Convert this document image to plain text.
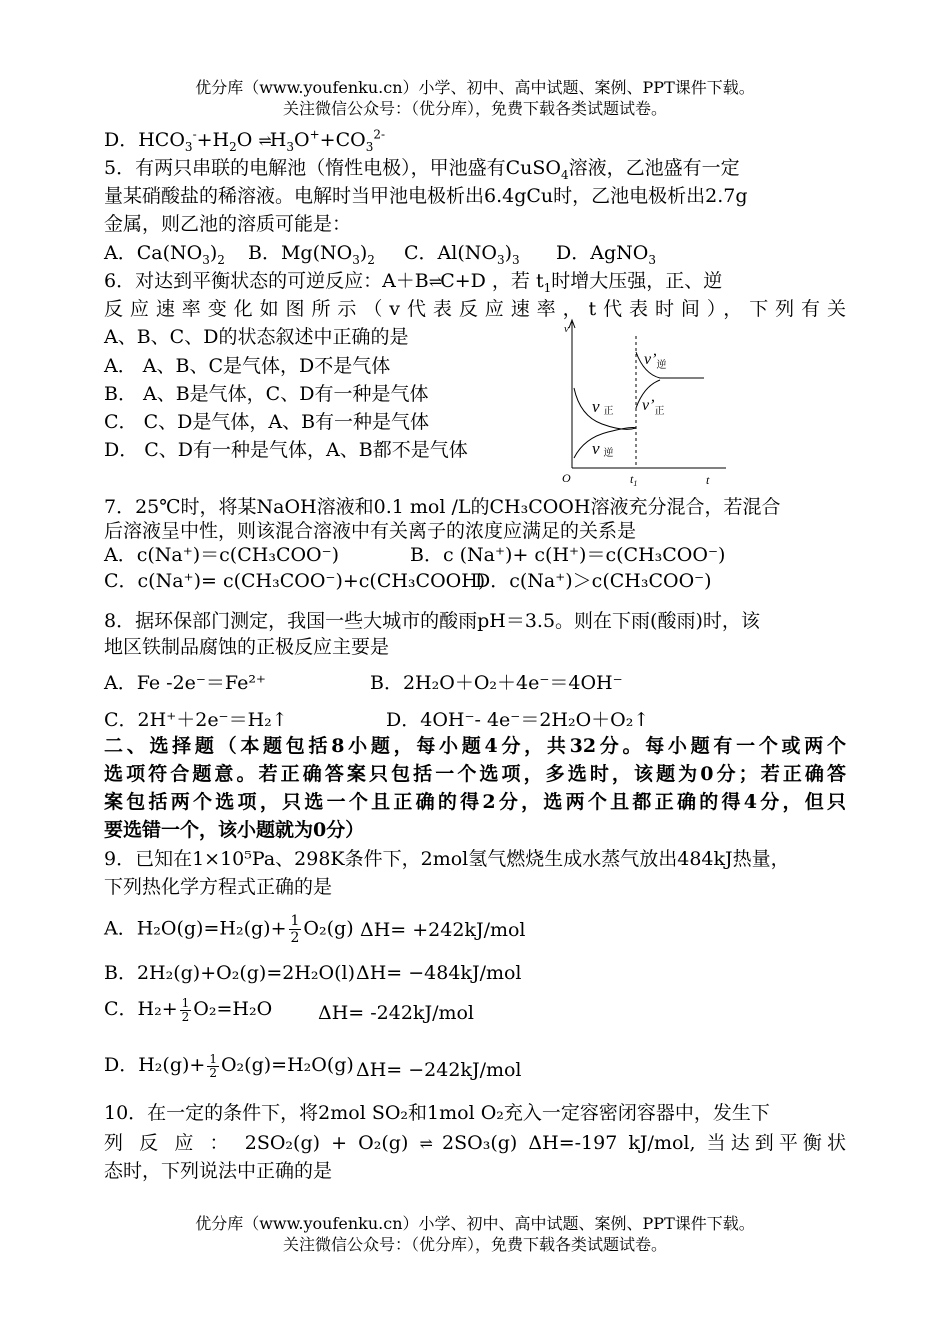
优分库（www.youfenku.cn）小学、初中、高中试题、案例、PPT课件下载。
关注微信公众号：（优分库），免费下载各类试题试卷。
D．$HCO_3^-+H_2O$ $\rightleftharpoons H_3O^++CO_3^{2-}$
5．有两只串联的电解池（惰性电极），甲池盛有CuSO$_4$溶液，乙池盛有一定
量某硝酸盐的稀溶液。电解时当甲池电极析出6.4gCu时，乙池电极析出2.7g
金属，则乙池的溶质可能是：
A．$Ca(NO_3)_2$ B．$Mg(NO_3)_2$ C．$Al(NO_3)_3$ D．AgNO$_3$
6．对达到平衡状态的可逆反应：A＋B⇌C+D ，若 $t_1$时增大压强，正、逆
反应速率变化如图所示（v代表反应速率，t代表时间），下列有关
A、B、C、D的状态叙述中正确的是
A． A、B、C是气体，D不是气体
B． A、B是气体，C、D有一种是气体
C． C、D是气体，A、B有一种是气体
D． C、D有一种是气体，A、B都不是气体
v
O	t
$t_1$
$v’_逆$
$v’_正$
v正
v逆
7．25℃时，将某NaOH溶液和0.1 mol /L的CH₃COOH溶液充分混合，若混合
后溶液呈中性，则该混合溶液中有关离子的浓度应满足的关系是
A．c(Na⁺)＝c(CH₃COO⁻)	B．c (Na⁺)+ c(H⁺)＝c(CH₃COO⁻)
C．c(Na⁺)= c(CH₃COO⁻)+c(CH₃COOH)
D．c(Na⁺)＞c(CH₃COO⁻)
8．据环保部门测定，我国一些大城市的酸雨pH＝3.5。则在下雨(酸雨)时，该
地区铁制品腐蚀的正极反应主要是
A．Fe -2e⁻＝Fe²⁺	B．2H₂O＋O₂＋4e⁻＝4OH⁻
C．2H⁺＋2e⁻＝H₂↑	D．4OH⁻- 4e⁻＝2H₂O＋O₂↑
二、选择题（本题包括8小题，每小题4分，共32分。每小题有一个或两个
选项符合题意。若正确答案只包括一个选项，多选时，该题为0分；若正确答
案包括两个选项，只选一个且正确的得2分，选两个且都正确的得4分，但只
要选错一个，该小题就为0分）
9．已知在1×10⁵Pa、298K条件下，2mol氢气燃烧生成水蒸气放出484kJ热量，
下列热化学方程式正确的是
A．$H_2O(g)=H_2(g)+ \frac{1}{2} O_2(g)$ ΔH= +242kJ/mol
B．2H₂(g)+O₂(g)=2H₂O(l) ΔH= −484kJ/mol
C．$H_2+ \frac{1}{2} O_2=H_2O$ ΔH= -242kJ/mol
D．$H_2(g)+ \frac{1}{2} O_2(g)=H_2O(g)$ ΔH= −242kJ/mol
10．在一定的条件下，将2mol SO₂和1mol O₂充入一定容密闭容器中，发生下
列 反 应 ： 2SO₂(g) + O₂(g) ⇌ 2SO₃(g) ΔH=-197 kJ/mol, 当达到平衡状
态时，下列说法中正确的是
优分库（www.youfenku.cn）小学、初中、高中试题、案例、PPT课件下载。
关注微信公众号：（优分库），免费下载各类试题试卷。
